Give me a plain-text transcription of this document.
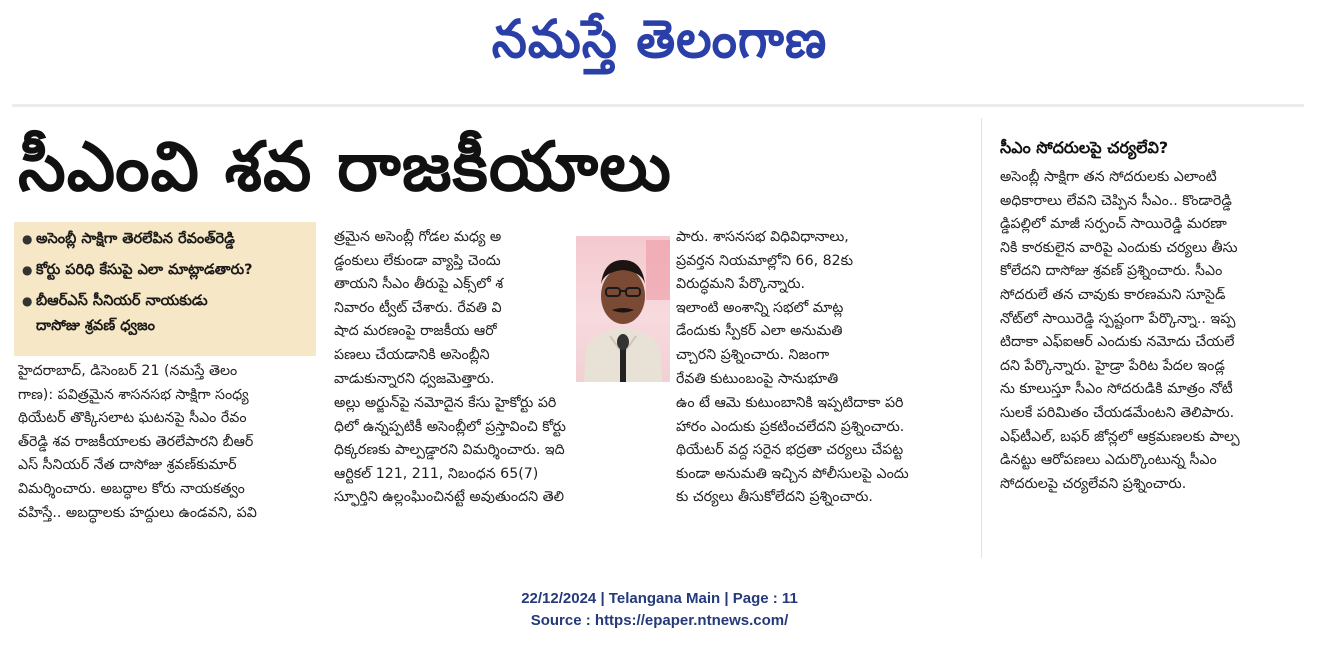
నమస్తే తెలంగాణ
సీఎంవి శవ రాజకీయాలు
● అసెంబ్లీ సాక్షిగా తెరలేపిన రేవంత్‌రెడ్డి
● కోర్టు పరిధి కేసుపై ఎలా మాట్లాడతారు?
● బీఆర్‌ఎస్‌ సీనియర్‌ నాయకుడు
దాసోజు శ్రవణ్‌ ధ్వజం

హైదరాబాద్‌, డిసెంబర్‌ 21 (నమస్తే తెలం

గాణ): పవిత్రమైన శాసనసభ సాక్షిగా సంధ్య

థియేటర్‌ తొక్కిసలాట ఘటనపై సీఎం రేవం

త్‌రెడ్డి శవ రాజకీయాలకు తెరలేపారని బీఆర్‌

ఎస్‌ సీనియర్‌ నేత దాసోజు శ్రవణ్‌కుమార్‌

విమర్శించారు. అబద్ధాల కోరు నాయకత్వం

వహిస్తే.. అబద్ధాలకు హద్దులు ఉండవని, పవి

త్రమైన అసెంబ్లీ గోడల మధ్య అ

డ్డంకులు లేకుండా వ్యాప్తి చెందు

తాయని సీఎం తీరుపై ఎక్స్‌లో శ

నివారం ట్వీట్‌ చేశారు. రేవతి వి

షాద మరణంపై రాజకీయ ఆరో

పణలు చేయడానికి అసెంబ్లీని

వాడుకున్నారని ధ్వజమెత్తారు.

అల్లు అర్జున్‌పై నమోదైన కేసు హైకోర్టు పరి

ధిలో ఉన్నప్పటికీ అసెంబ్లీలో ప్రస్తావించి కోర్టు

ధిక్కరణకు పాల్పడ్డారని విమర్శించారు. ఇది

ఆర్టికల్‌ 121, 211, నిబంధన 65(7)

స్ఫూర్తిని ఉల్లంఘించినట్టే అవుతుందని తెలి

పారు. శాసనసభ విధివిధానాలు,

ప్రవర్తన నియమాల్లోని 66, 82కు

విరుద్ధమని పేర్కొన్నారు.

ఇలాంటి అంశాన్ని సభలో మాట్ల

డేందుకు స్పీకర్‌ ఎలా అనుమతి

చ్చారని ప్రశ్నించారు. నిజంగా

రేవతి కుటుంబంపై సానుభూతి

ఉం టే ఆమె కుటుంబానికి ఇప్పటిదాకా పరి

హారం ఎందుకు ప్రకటించలేదని ప్రశ్నించారు.

థియేటర్‌ వద్ద సరైన భద్రతా చర్యలు చేపట్ట

కుండా అనుమతి ఇచ్చిన పోలీసులపై ఎందు

కు చర్యలు తీసుకోలేదని ప్రశ్నించారు.

సీఎం సోదరులపై చర్యలేవి?

అసెంబ్లీ సాక్షిగా తన సోదరులకు ఎలాంటి

అధికారాలు లేవని చెప్పిన సీఎం.. కొండారెడ్డి

డ్డిపల్లిలో మాజీ సర్పంచ్‌ సాయిరెడ్డి మరణా

నికి కారకులైన వారిపై ఎందుకు చర్యలు తీసు

కోలేదని దాసోజు శ్రవణ్‌ ప్రశ్నించారు. సీఎం

సోదరులే తన చావుకు కారణమని సూసైడ్‌

నోట్‌లో సాయిరెడ్డి స్పష్టంగా పేర్కొన్నా.. ఇప్ప

టిదాకా ఎఫ్‌ఐఆర్‌ ఎందుకు నమోదు చేయలే

దని పేర్కొన్నారు. హైడ్రా పేరిట పేదల ఇండ్ల

ను కూలుస్తూ సీఎం సోదరుడికి మాత్రం నోటీ

సులకే పరిమితం చేయడమేంటని తెలిపారు.

ఎఫ్‌టీఎల్‌, బఫర్‌ జోన్లలో ఆక్రమణలకు పాల్ప

డినట్టు ఆరోపణలు ఎదుర్కొంటున్న సీఎం

సోదరులపై చర్యలేవని ప్రశ్నించారు.

22/12/2024 | Telangana Main | Page : 11
Source : https://epaper.ntnews.com/
